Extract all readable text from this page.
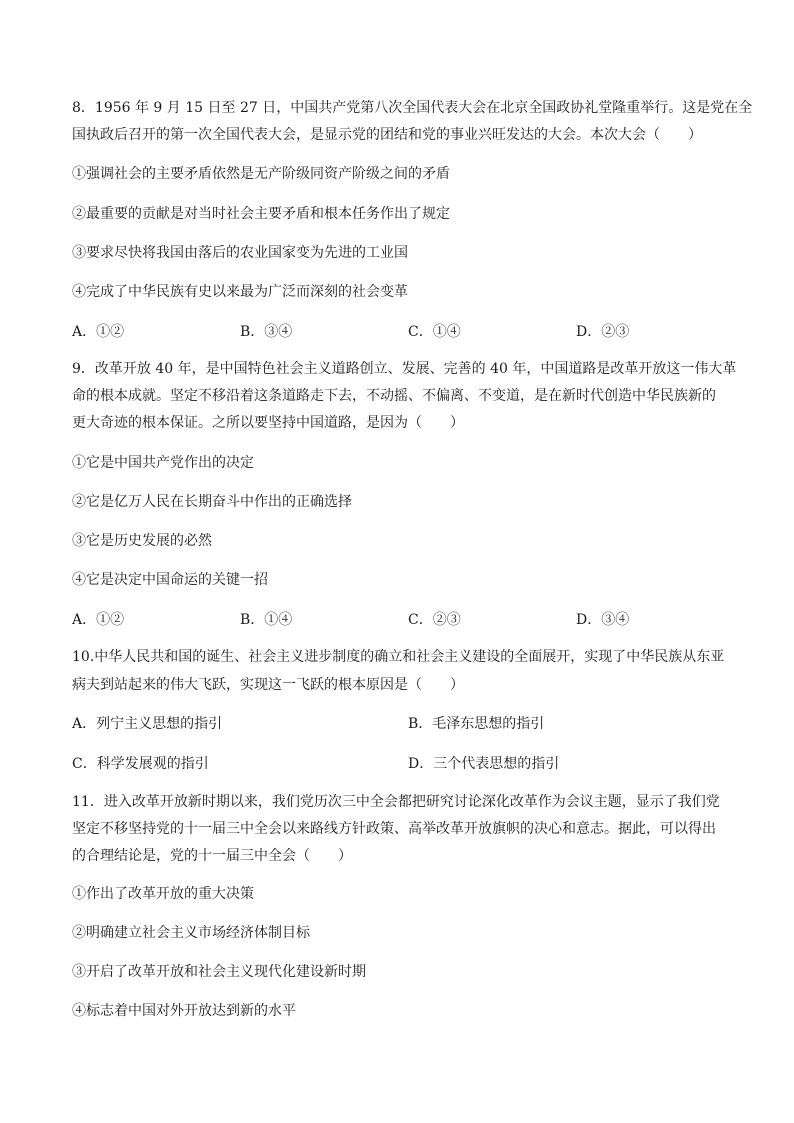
8．1956 年 9 月 15 日至 27 日，中国共产党第八次全国代表大会在北京全国政协礼堂隆重举行。这是党在全
国执政后召开的第一次全国代表大会，是显示党的团结和党的事业兴旺发达的大会。本次大会（　　）
①强调社会的主要矛盾依然是无产阶级同资产阶级之间的矛盾
②最重要的贡献是对当时社会主要矛盾和根本任务作出了规定
③要求尽快将我国由落后的农业国家变为先进的工业国
④完成了中华民族有史以来最为广泛而深刻的社会变革
A．①②	B．③④	C．①④	D．②③
9．改革开放 40 年，是中国特色社会主义道路创立、发展、完善的 40 年，中国道路是改革开放这一伟大革
命的根本成就。坚定不移沿着这条道路走下去，不动摇、不偏离、不变道，是在新时代创造中华民族新的
更大奇迹的根本保证。之所以要坚持中国道路，是因为（　　）
①它是中国共产党作出的决定
②它是亿万人民在长期奋斗中作出的正确选择
③它是历史发展的必然
④它是决定中国命运的关键一招
A．①②	B．①④	C．②③	D．③④
10.中华人民共和国的诞生、社会主义进步制度的确立和社会主义建设的全面展开，实现了中华民族从东亚
病夫到站起来的伟大飞跃，实现这一飞跃的根本原因是（　　）
A．列宁主义思想的指引	B．毛泽东思想的指引
C．科学发展观的指引	D．三个代表思想的指引
11．进入改革开放新时期以来，我们党历次三中全会都把研究讨论深化改革作为会议主题，显示了我们党
坚定不移坚持党的十一届三中全会以来路线方针政策、高举改革开放旗帜的决心和意志。据此，可以得出
的合理结论是，党的十一届三中全会（　　）
①作出了改革开放的重大决策
②明确建立社会主义市场经济体制目标
③开启了改革开放和社会主义现代化建设新时期
④标志着中国对外开放达到新的水平
